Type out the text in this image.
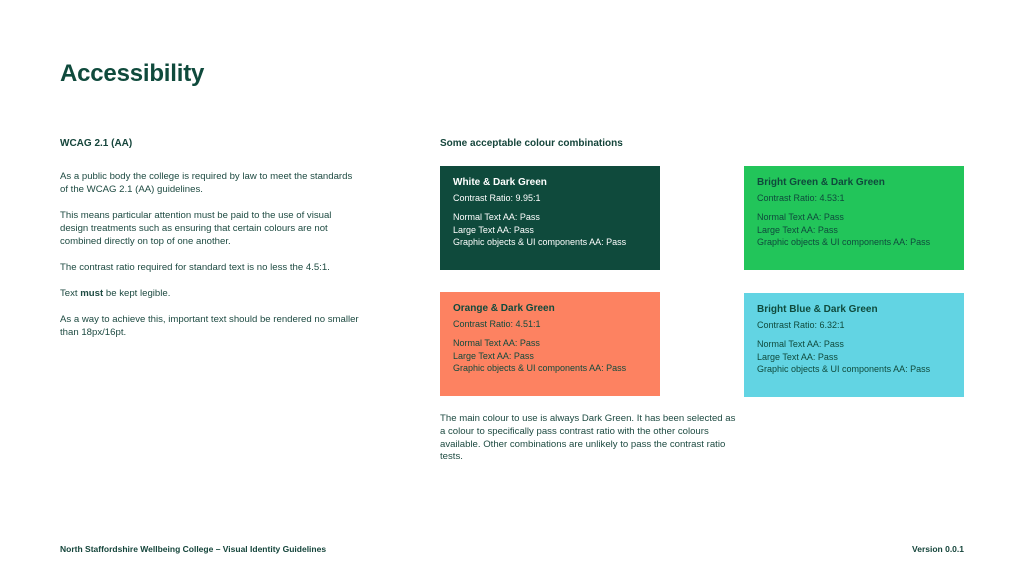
Accessibility
WCAG 2.1 (AA)

As a public body the college is required by law to meet the standards of the WCAG 2.1 (AA) guidelines.

This means particular attention must be paid to the use of visual design treatments such as ensuring that certain colours are not combined directly on top of one another.

The contrast ratio required for standard text is no less the 4.5:1.

Text must be kept legible.

As a way to achieve this, important text should be rendered no smaller than 18px/16pt.

Some acceptable colour combinations
White & Dark Green
Contrast Ratio: 9.95:1
Normal Text AA: Pass
Large Text AA: Pass
Graphic objects & UI components AA: Pass
Bright Green & Dark Green
Contrast Ratio: 4.53:1
Normal Text AA: Pass
Large Text AA: Pass
Graphic objects & UI components AA: Pass
Orange & Dark Green
Contrast Ratio: 4.51:1
Normal Text AA: Pass
Large Text AA: Pass
Graphic objects & UI components AA: Pass
Bright Blue & Dark Green
Contrast Ratio: 6.32:1
Normal Text AA: Pass
Large Text AA: Pass
Graphic objects & UI components AA: Pass
The main colour to use is always Dark Green. It has been selected as a colour to specifically pass contrast ratio with the other colours available. Other combinations are unlikely to pass the contrast ratio tests.
North Staffordshire Wellbeing College – Visual Identity Guidelines	Version 0.0.1
